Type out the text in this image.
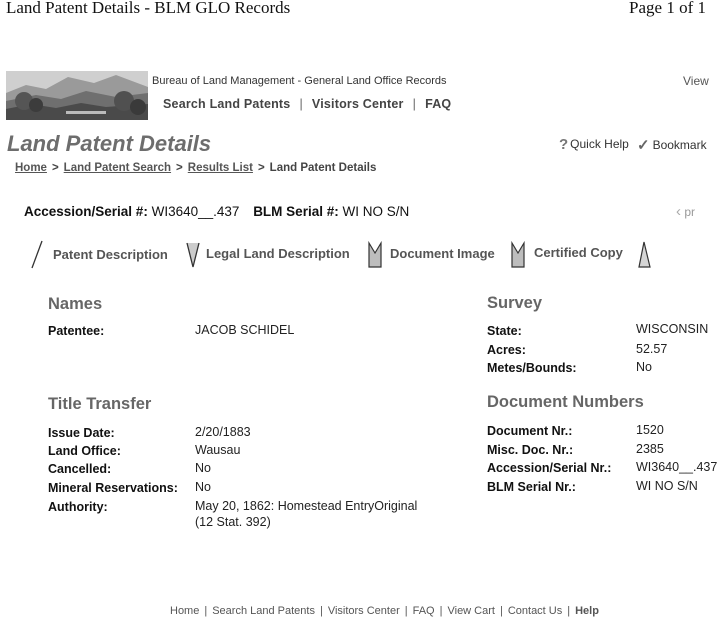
Land Patent Details - BLM GLO Records	Page 1 of 1
Bureau of Land Management - General Land Office Records	View
Search Land Patents | Visitors Center | FAQ
Land Patent Details	? Quick Help ✓ Bookmark
Home > Land Patent Search > Results List > Land Patent Details
Accession/Serial #: WI3640__.437 BLM Serial #: WI NO S/N	‹ pr
Patent Description	Legal Land Description	Document Image	Certified Copy
Names
Patentee:	JACOB SCHIDEL
Survey
State:	WISCONSIN
Acres:	52.57
Metes/Bounds:	No
Title Transfer
Issue Date:	2/20/1883
Land Office:	Wausau
Cancelled:	No
Mineral Reservations: No
Authority:	May 20, 1862: Homestead EntryOriginal
(12 Stat. 392)
Document Numbers
Document Nr.:	1520
Misc. Doc. Nr.:	2385
Accession/Serial Nr.: WI3640__.437
BLM Serial Nr.:	WI NO S/N
Home | Search Land Patents | Visitors Center | FAQ | View Cart | Contact Us | Help
